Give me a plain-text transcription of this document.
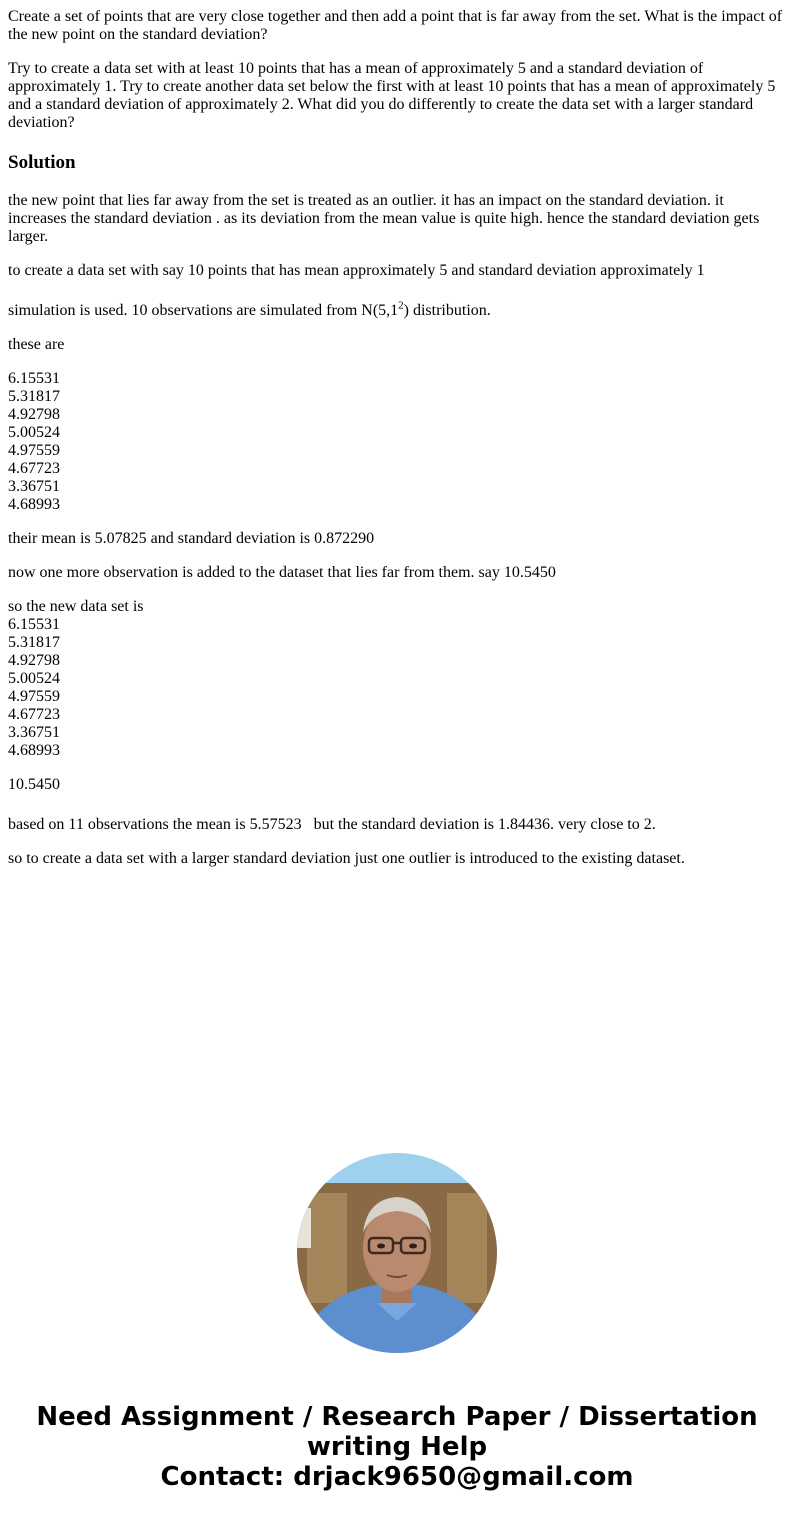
Create a set of points that are very close together and then add a point that is far away from the set. What is the impact of the new point on the standard deviation?

Try to create a data set with at least 10 points that has a mean of approximately 5 and a standard deviation of approximately 1. Try to create another data set below the first with at least 10 points that has a mean of approximately 5 and a standard deviation of approximately 2. What did you do differently to create the data set with a larger standard deviation?

Solution

the new point that lies far away from the set is treated as an outlier. it has an impact on the standard deviation. it increases the standard deviation . as its deviation from the mean value is quite high. hence the standard deviation gets larger.

to create a data set with say 10 points that has mean approximately 5 and standard deviation approximately 1

simulation is used. 10 observations are simulated from $N(5,1^2)$ distribution.

these are

6.15531
5.31817
4.92798
5.00524
4.97559
4.67723
3.36751
4.68993

their mean is 5.07825 and standard deviation is 0.872290

now one more observation is added to the dataset that lies far from them. say 10.5450

so the new data set is
6.15531
5.31817
4.92798
5.00524
4.97559
4.67723
3.36751
4.68993

10.5450

based on 11 observations the mean is 5.57523   but the standard deviation is 1.84436. very close to 2.

so to create a data set with a larger standard deviation just one outlier is introduced to the existing dataset.

Need Assignment / Research Paper / Dissertation
writing Help
Contact: drjack9650@gmail.com
